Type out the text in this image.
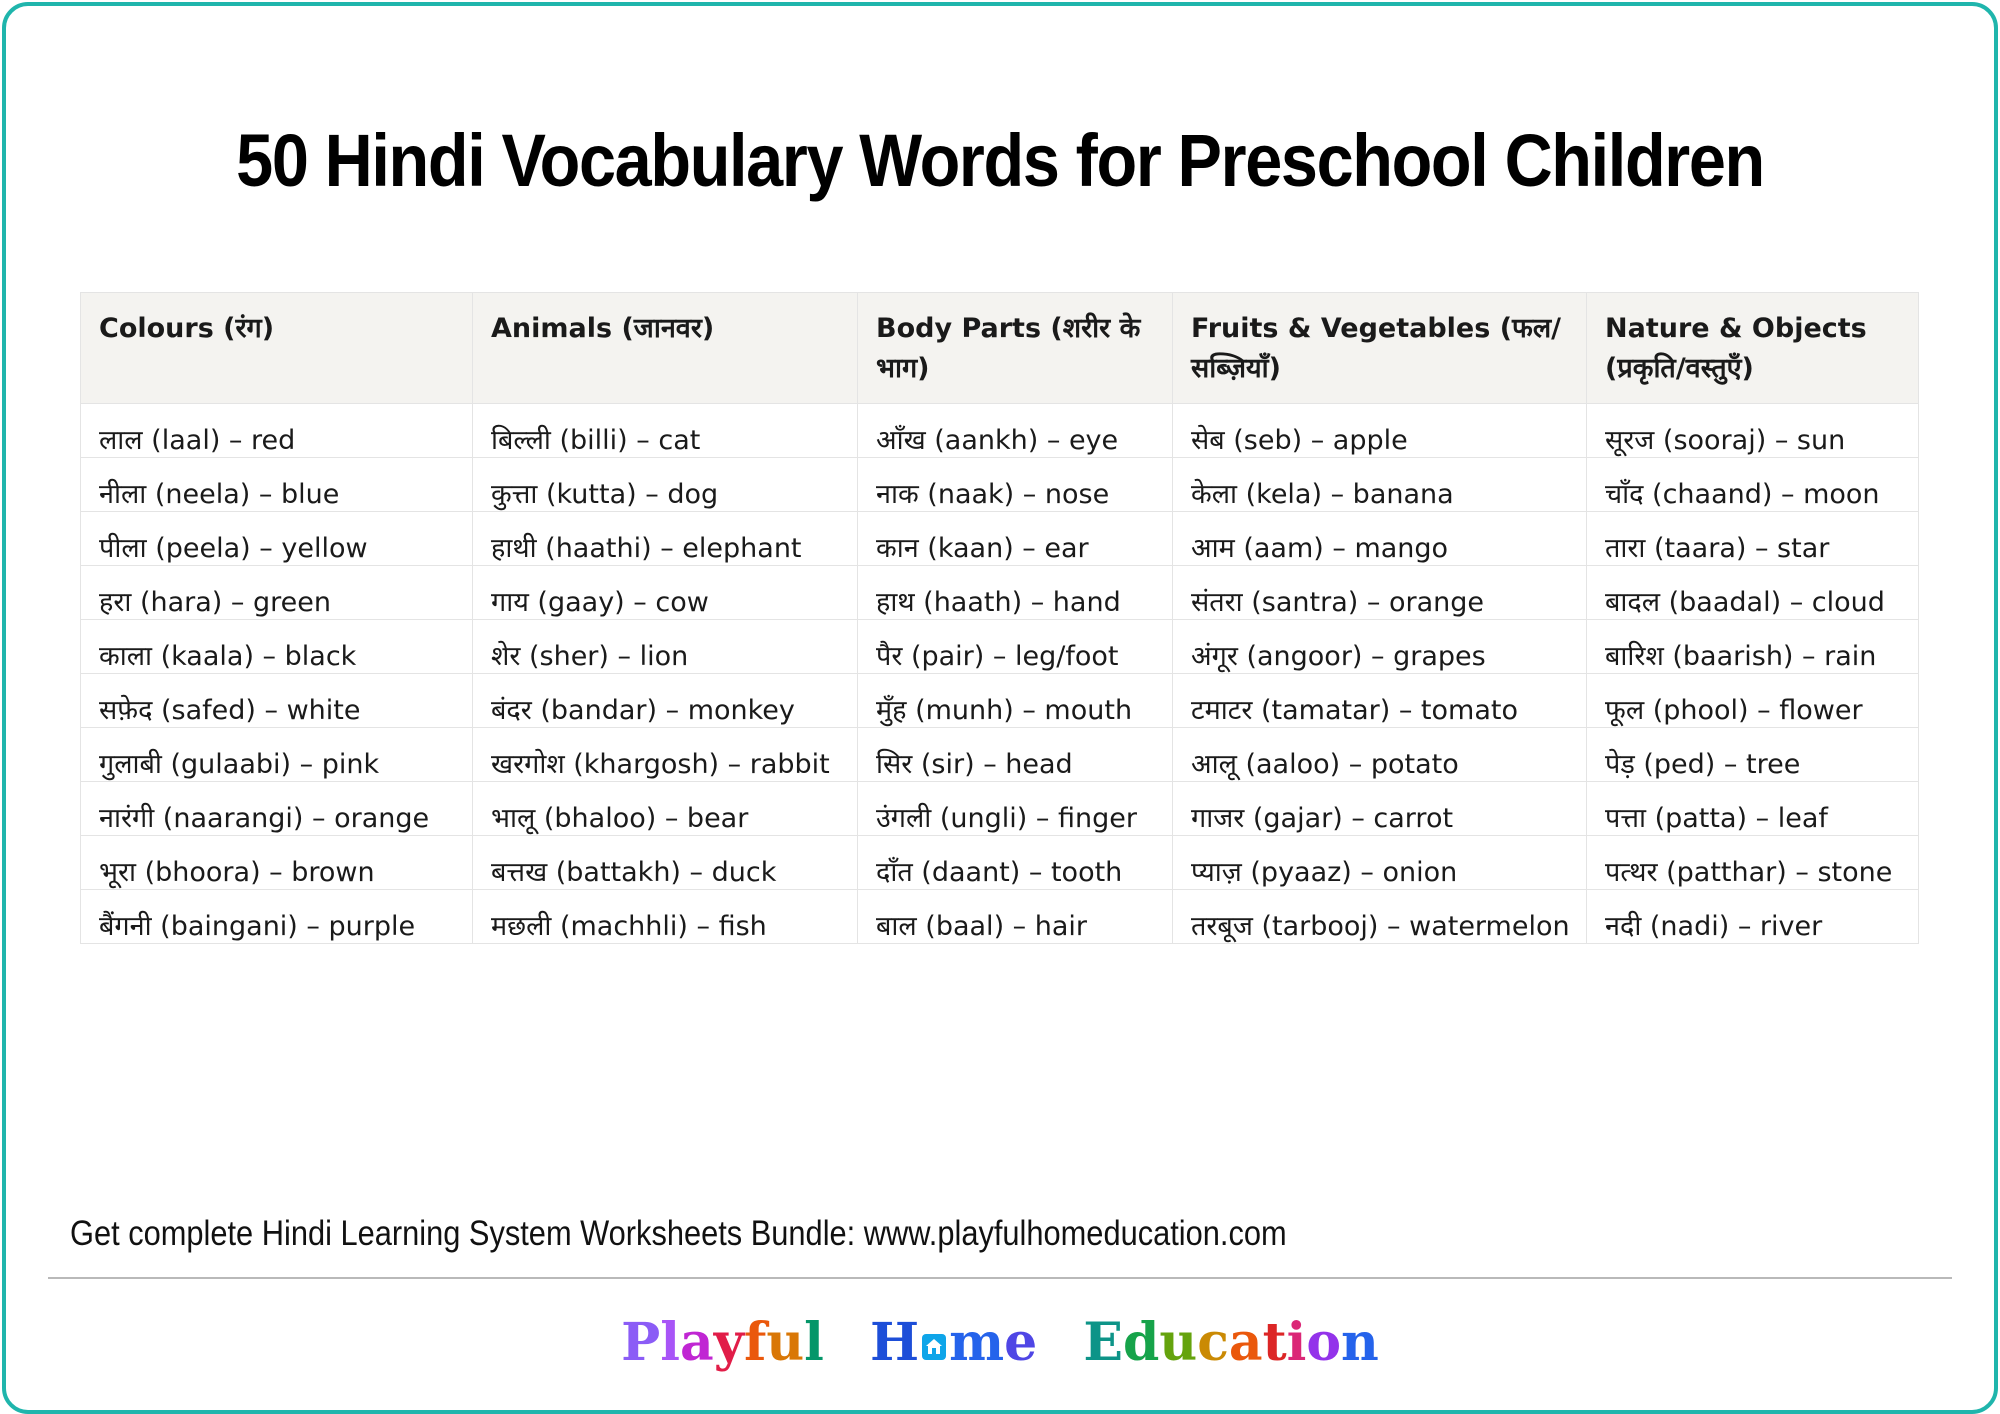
50 Hindi Vocabulary Words for Preschool Children
Colours (रंग)	Animals (जानवर)	Body Parts (शरीर के भाग)	Fruits & Vegetables (फल/सब्ज़ियाँ)	Nature & Objects (प्रकृति/वस्तुएँ)
लाल (laal) – red	बिल्ली (billi) – cat	आँख (aankh) – eye	सेब (seb) – apple	सूरज (sooraj) – sun
नीला (neela) – blue	कुत्ता (kutta) – dog	नाक (naak) – nose	केला (kela) – banana	चाँद (chaand) – moon
पीला (peela) – yellow	हाथी (haathi) – elephant	कान (kaan) – ear	आम (aam) – mango	तारा (taara) – star
हरा (hara) – green	गाय (gaay) – cow	हाथ (haath) – hand	संतरा (santra) – orange	बादल (baadal) – cloud
काला (kaala) – black	शेर (sher) – lion	पैर (pair) – leg/foot	अंगूर (angoor) – grapes	बारिश (baarish) – rain
सफ़ेद (safed) – white	बंदर (bandar) – monkey	मुँह (munh) – mouth	टमाटर (tamatar) – tomato	फूल (phool) – flower
गुलाबी (gulaabi) – pink	खरगोश (khargosh) – rabbit	सिर (sir) – head	आलू (aaloo) – potato	पेड़ (ped) – tree
नारंगी (naarangi) – orange	भालू (bhaloo) – bear	उंगली (ungli) – finger	गाजर (gajar) – carrot	पत्ता (patta) – leaf
भूरा (bhoora) – brown	बत्तख (battakh) – duck	दाँत (daant) – tooth	प्याज़ (pyaaz) – onion	पत्थर (patthar) – stone
बैंगनी (baingani) – purple	मछली (machhli) – fish	बाल (baal) – hair	तरबूज (tarbooj) – watermelon	नदी (nadi) – river
Get complete Hindi Learning System Worksheets Bundle: www.playfulhomeducation.com
Playful H me Education
